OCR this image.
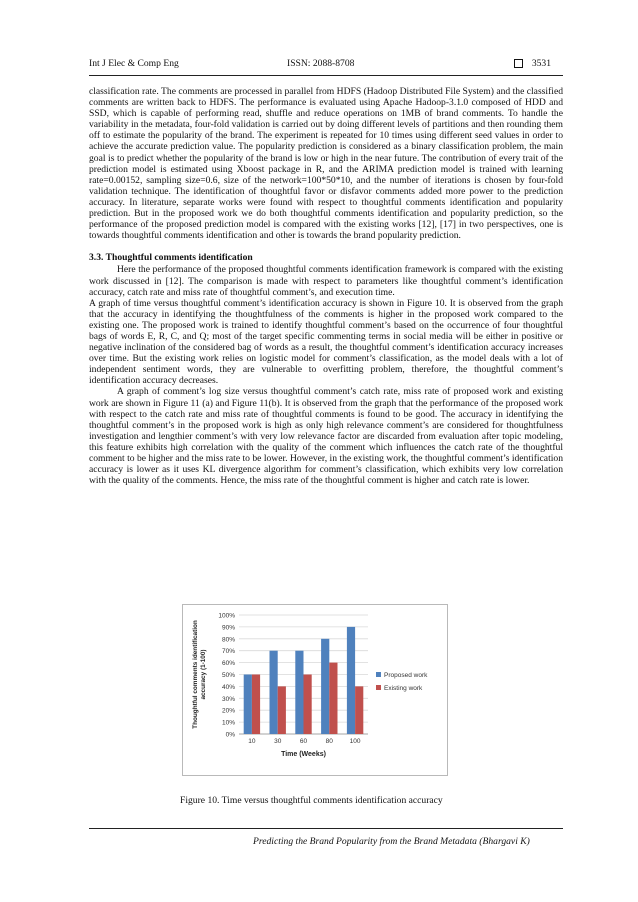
Int J Elec & Comp Eng	ISSN: 2088-8708	3531

classification rate. The comments are processed in parallel from HDFS (Hadoop Distributed File System) and the classified comments are written back to HDFS. The performance is evaluated using Apache Hadoop-3.1.0 composed of HDD and SSD, which is capable of performing read, shuffle and reduce operations on 1MB of brand comments. To handle the variability in the metadata, four-fold validation is carried out by doing different levels of partitions and then rounding them off to estimate the popularity of the brand. The experiment is repeated for 10 times using different seed values in order to achieve the accurate prediction value. The popularity prediction is considered as a binary classification problem, the main goal is to predict whether the popularity of the brand is low or high in the near future. The contribution of every trait of the prediction model is estimated using Xboost package in R, and the ARIMA prediction model is trained with learning rate=0.00152, sampling size=0.6, size of the network=100*50*10, and the number of iterations is chosen by four-fold validation technique. The identification of thoughtful favor or disfavor comments added more power to the prediction accuracy. In literature, separate works were found with respect to thoughtful comments identification and popularity prediction. But in the proposed work we do both thoughtful comments identification and popularity prediction, so the performance of the proposed prediction model is compared with the existing works [12], [17] in two perspectives, one is towards thoughtful comments identification and other is towards the brand popularity prediction.

3.3. Thoughtful comments identification

Here the performance of the proposed thoughtful comments identification framework is compared with the existing work discussed in [12]. The comparison is made with respect to parameters like thoughtful comment’s identification accuracy, catch rate and miss rate of thoughtful comment’s, and execution time.

A graph of time versus thoughtful comment’s identification accuracy is shown in Figure 10. It is observed from the graph that the accuracy in identifying the thoughtfulness of the comments is higher in the proposed work compared to the existing one. The proposed work is trained to identify thoughtful comment’s based on the occurrence of four thoughtful bags of words E, R, C, and Q; most of the target specific commenting terms in social media will be either in positive or negative inclination of the considered bag of words as a result, the thoughtful comment’s identification accuracy increases over time. But the existing work relies on logistic model for comment’s classification, as the model deals with a lot of independent sentiment words, they are vulnerable to overfitting problem, therefore, the thoughtful comment’s identification accuracy decreases.

A graph of comment’s log size versus thoughtful comment’s catch rate, miss rate of proposed work and existing work are shown in Figure 11 (a) and Figure 11(b). It is observed from the graph that the performance of the proposed work with respect to the catch rate and miss rate of thoughtful comments is found to be good. The accuracy in identifying the thoughtful comment’s in the proposed work is high as only high relevance comment’s are considered for thoughtfulness investigation and lengthier comment’s with very low relevance factor are discarded from evaluation after topic modeling, this feature exhibits high correlation with the quality of the comment which influences the catch rate of the thoughtful comment to be higher and the miss rate to be lower. However, in the existing work, the thoughtful comment’s identification accuracy is lower as it uses KL divergence algorithm for comment’s classification, which exhibits very low correlation with the quality of the comments. Hence, the miss rate of the thoughtful comment is higher and catch rate is lower.

0%
10%
20%
30%
40%
50%
60%
70%
80%
90%
100%
10	30	60	80	100
Time (Weeks)
Thoughtful comments identificationaccuracy (1-100)	Proposed work
Existing work
Figure 10. Time versus thoughtful comments identification accuracy
Predicting the Brand Popularity from the Brand Metadata (Bhargavi K)
